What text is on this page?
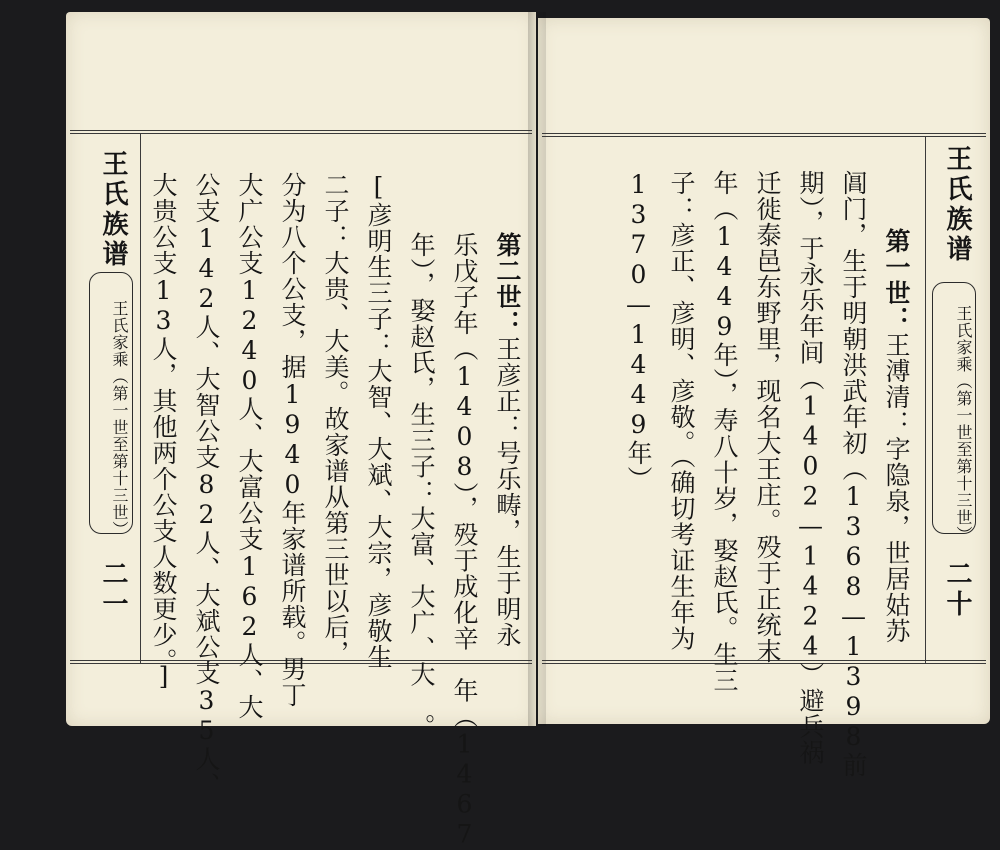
王氏族谱
王氏家乘（第一世至第十三世）
二一
第二世：王彦正：号乐畴，生于明永
乐戊子年（1408），殁于成化辛　年（1467
年），娶赵氏，生三子：大富、大广、大　。
[彦明生三子：大智、大斌、大宗，彦敬生
二子：大贵、大美。故家谱从第三世以后，
分为八个公支，据1940年家谱所载。男丁
大广公支1240人、大富公支162人、大
公支142人、大智公支82人、大斌公支35人、
大贵公支13人，其他两个公支人数更少。]	王氏族谱
王氏家乘（第一世至第十三世）
二十
第一世：王溥清：字隐泉，世居姑苏
阊门，生于明朝洪武年初（1368—1398前
期），于永乐年间（1402—1424）避兵祸
迁徙泰邑东野里，现名大王庄。殁于正统末
年（1449年），寿八十岁，娶赵氏。生三
子：彦正、彦明、彦敬。（确切考证生年为
1370—1449年）
